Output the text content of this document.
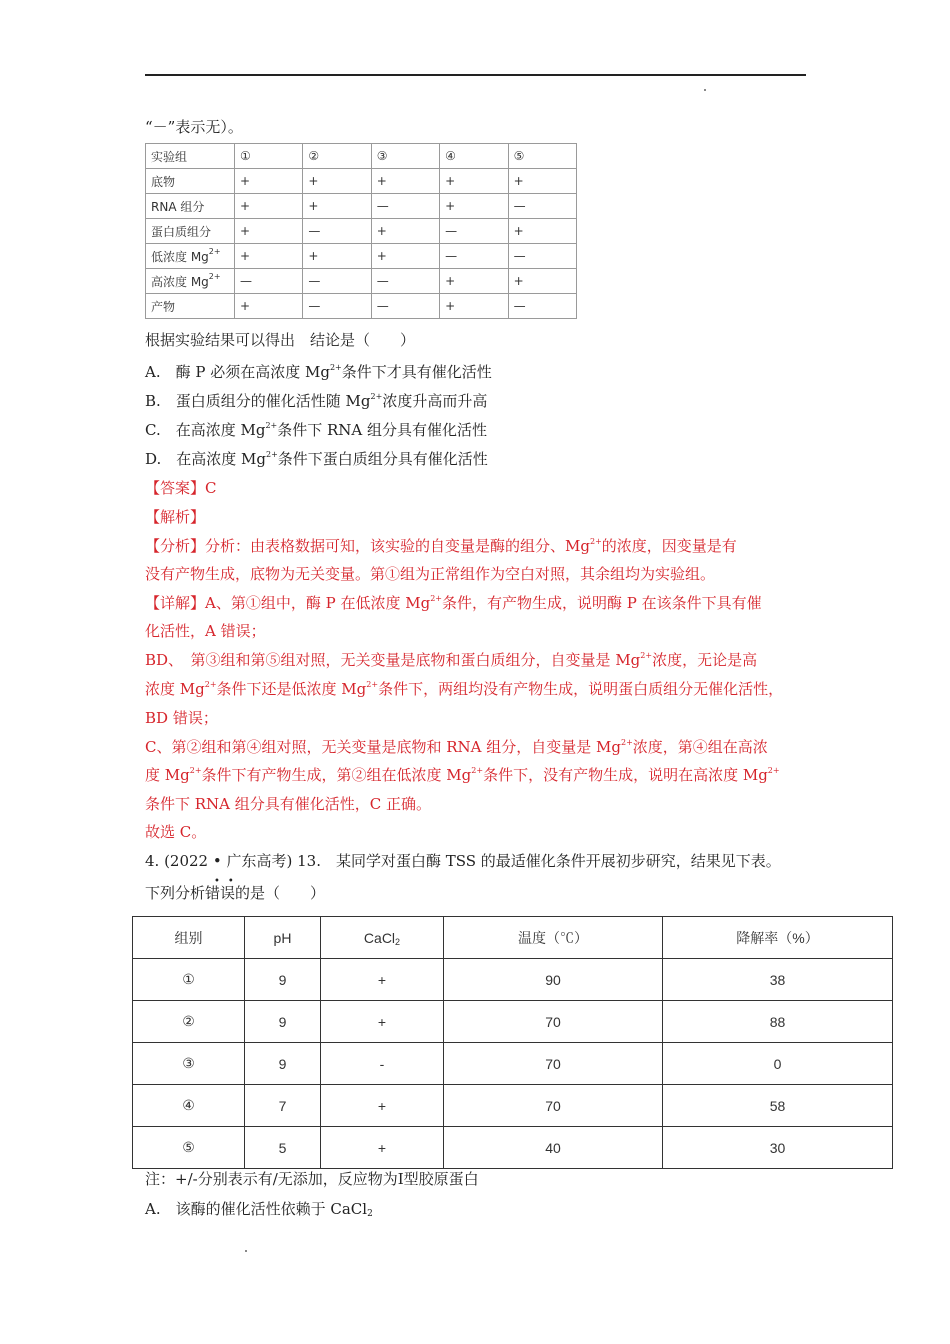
“－”表示无）。
实验组	①	②	③	④	⑤
底物	+	+	+	+	+
RNA 组分	+	+	—	+	—
蛋白质组分	+	—	+	—	+
低浓度 $Mg^{2+}$	+	+	+	—	—
高浓度 $Mg^{2+}$	—	—	—	+	+
产物	+	—	—	+	—
根据实验结果可以得出　结论是（　　）
A.　酶 P 必须在高浓度 $Mg^{2+}$条件下才具有催化活性
B.　蛋白质组分的催化活性随 $Mg^{2+}$浓度升高而升高
C.　在高浓度 $Mg^{2+}$条件下 RNA 组分具有催化活性
D.　在高浓度 $Mg^{2+}$条件下蛋白质组分具有催化活性
【答案】C
【解析】
【分析】分析：由表格数据可知，该实验的自变量是酶的组分、$Mg^{2+}$的浓度，因变量是有
没有产物生成，底物为无关变量。第①组为正常组作为空白对照，其余组均为实验组。
【详解】A、第①组中，酶 P 在低浓度 $Mg^{2+}$条件，有产物生成，说明酶 P 在该条件下具有催
化活性，A 错误；
BD、　第③组和第⑤组对照，无关变量是底物和蛋白质组分，自变量是 $Mg^{2+}$浓度，无论是高
浓度 $Mg^{2+}$条件下还是低浓度 $Mg^{2+}$条件下，两组均没有产物生成，说明蛋白质组分无催化活性，
BD 错误；
C、第②组和第④组对照，无关变量是底物和 RNA 组分，自变量是 $Mg^{2+}$浓度，第④组在高浓
度 $Mg^{2+}$条件下有产物生成，第②组在低浓度 $Mg^{2+}$条件下，没有产物生成，说明在高浓度 $Mg^{2+}$
条件下 RNA 组分具有催化活性，C 正确。
故选 C。
4. (2022 • 广东高考) 13.　某同学对蛋白酶 TSS 的最适催化条件开展初步研究，结果见下表。
••
下列分析错误的是（　　）
组别	pH	CaCl$_2$	温度（℃）	降解率（%）
①	9	+	90	38
②	9	+	70	88
③	9	-	70	0
④	7	+	70	58
⑤	5	+	40	30
注：+/-分别表示有/无添加，反应物为Ⅰ型胶原蛋白
A.　该酶的催化活性依赖于 CaCl$_2$
